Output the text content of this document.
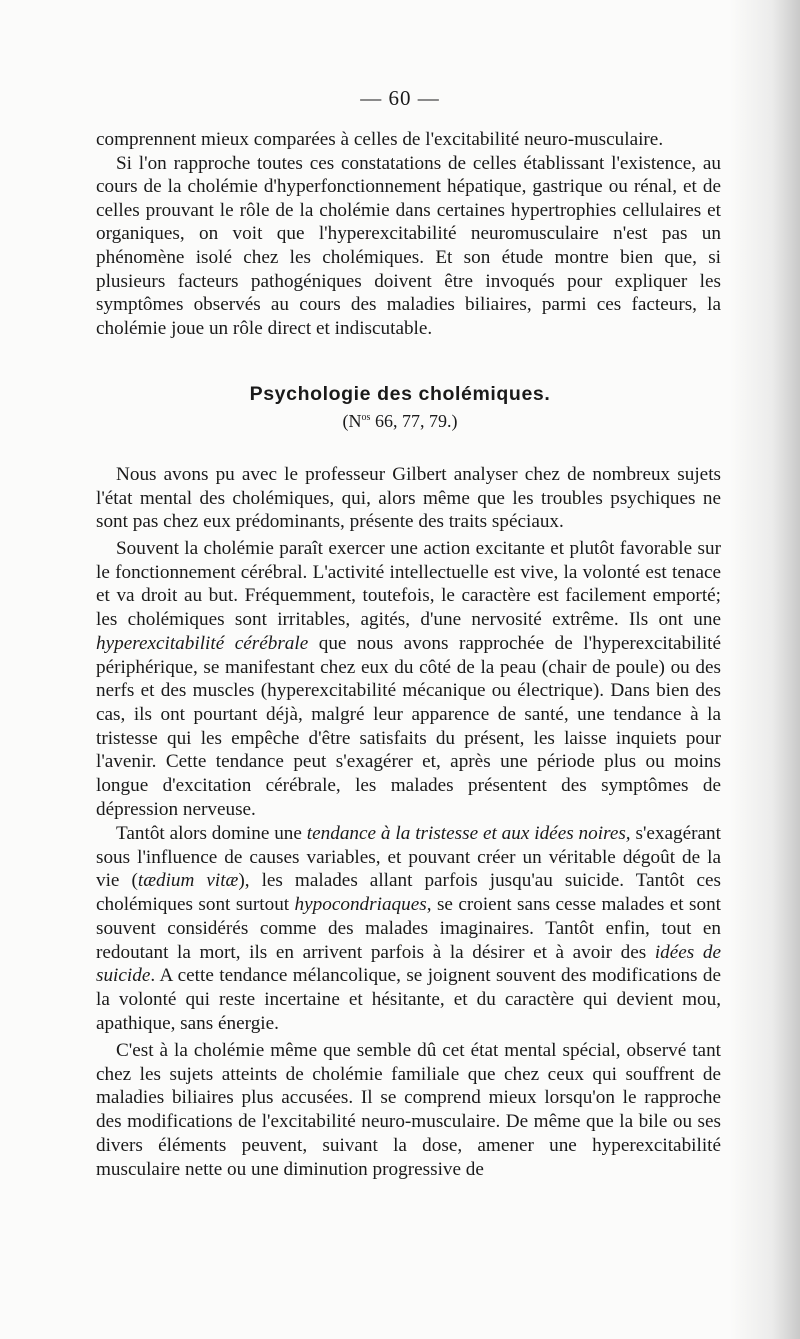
— 60 —
comprennent mieux comparées à celles de l'excitabilité neuro-musculaire.
Si l'on rapproche toutes ces constatations de celles établissant l'existence, au cours de la cholémie d'hyperfonctionnement hépatique, gastrique ou rénal, et de celles prouvant le rôle de la cholémie dans certaines hypertrophies cellulaires et organiques, on voit que l'hyperexcitabilité neuromusculaire n'est pas un phénomène isolé chez les cholémiques. Et son étude montre bien que, si plusieurs facteurs pathogéniques doivent être invoqués pour expliquer les symptômes observés au cours des maladies biliaires, parmi ces facteurs, la cholémie joue un rôle direct et indiscutable.
Psychologie des cholémiques.
($N^{os}$ 66, 77, 79.)
Nous avons pu avec le professeur Gilbert analyser chez de nombreux sujets l'état mental des cholémiques, qui, alors même que les troubles psychiques ne sont pas chez eux prédominants, présente des traits spéciaux.
Souvent la cholémie paraît exercer une action excitante et plutôt favorable sur le fonctionnement cérébral. L'activité intellectuelle est vive, la volonté est tenace et va droit au but. Fréquemment, toutefois, le caractère est facilement emporté; les cholémiques sont irritables, agités, d'une nervosité extrême. Ils ont une hyperexcitabilité cérébrale que nous avons rapprochée de l'hyperexcitabilité périphérique, se manifestant chez eux du côté de la peau (chair de poule) ou des nerfs et des muscles (hyperexcitabilité mécanique ou électrique). Dans bien des cas, ils ont pourtant déjà, malgré leur apparence de santé, une tendance à la tristesse qui les empêche d'être satisfaits du présent, les laisse inquiets pour l'avenir. Cette tendance peut s'exagérer et, après une période plus ou moins longue d'excitation cérébrale, les malades présentent des symptômes de dépression nerveuse.
Tantôt alors domine une tendance à la tristesse et aux idées noires, s'exagérant sous l'influence de causes variables, et pouvant créer un véritable dégoût de la vie (tædium vitæ), les malades allant parfois jusqu'au suicide. Tantôt ces cholémiques sont surtout hypocondriaques, se croient sans cesse malades et sont souvent considérés comme des malades imaginaires. Tantôt enfin, tout en redoutant la mort, ils en arrivent parfois à la désirer et à avoir des idées de suicide. A cette tendance mélancolique, se joignent souvent des modifications de la volonté qui reste incertaine et hésitante, et du caractère qui devient mou, apathique, sans énergie.
C'est à la cholémie même que semble dû cet état mental spécial, observé tant chez les sujets atteints de cholémie familiale que chez ceux qui souffrent de maladies biliaires plus accusées. Il se comprend mieux lorsqu'on le rapproche des modifications de l'excitabilité neuro-musculaire. De même que la bile ou ses divers éléments peuvent, suivant la dose, amener une hyperexcitabilité musculaire nette ou une diminution progressive de
